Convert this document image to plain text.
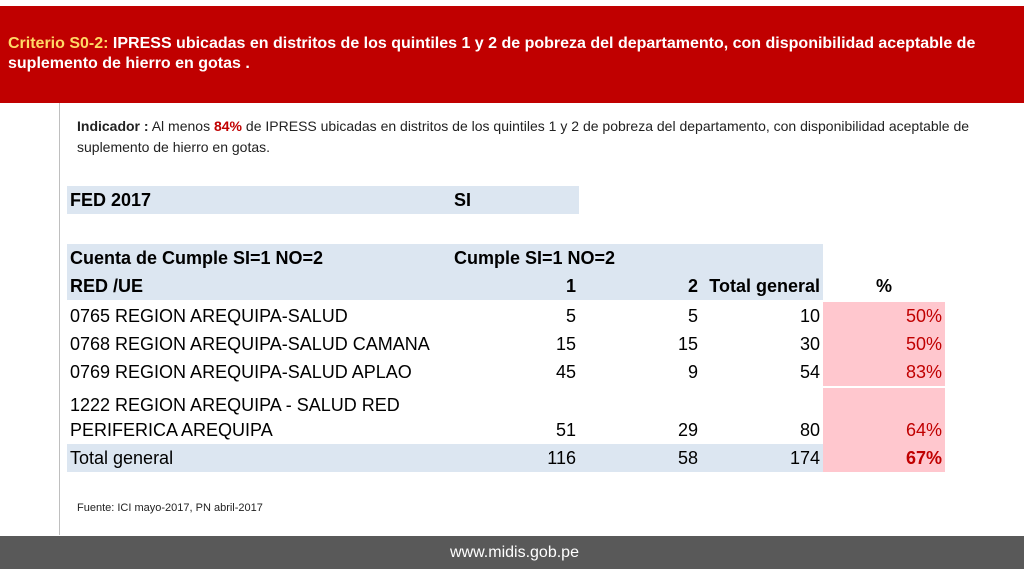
Criterio S0-2: IPRESS ubicadas en distritos de los quintiles 1 y 2 de pobreza del departamento, con disponibilidad aceptable de suplemento de hierro en gotas .
Indicador : Al menos 84% de IPRESS ubicadas en distritos de los quintiles 1 y 2 de pobreza del departamento, con disponibilidad aceptable de suplemento de hierro en gotas.
FED 2017	SI
Cuenta de Cumple SI=1 NO=2	Cumple SI=1 NO=2
RED /UE	1	2 Total general	%
0765 REGION AREQUIPA-SALUD	5	5	10	50%
0768 REGION AREQUIPA-SALUD CAMANA	15	15	30	50%
0769 REGION AREQUIPA-SALUD APLAO	45	9	54	83%
1222 REGION AREQUIPA - SALUD RED PERIFERICA AREQUIPA	51	29	80	64%
Total general	116	58	174	67%
Fuente: ICI mayo-2017, PN abril-2017
www.midis.gob.pe
